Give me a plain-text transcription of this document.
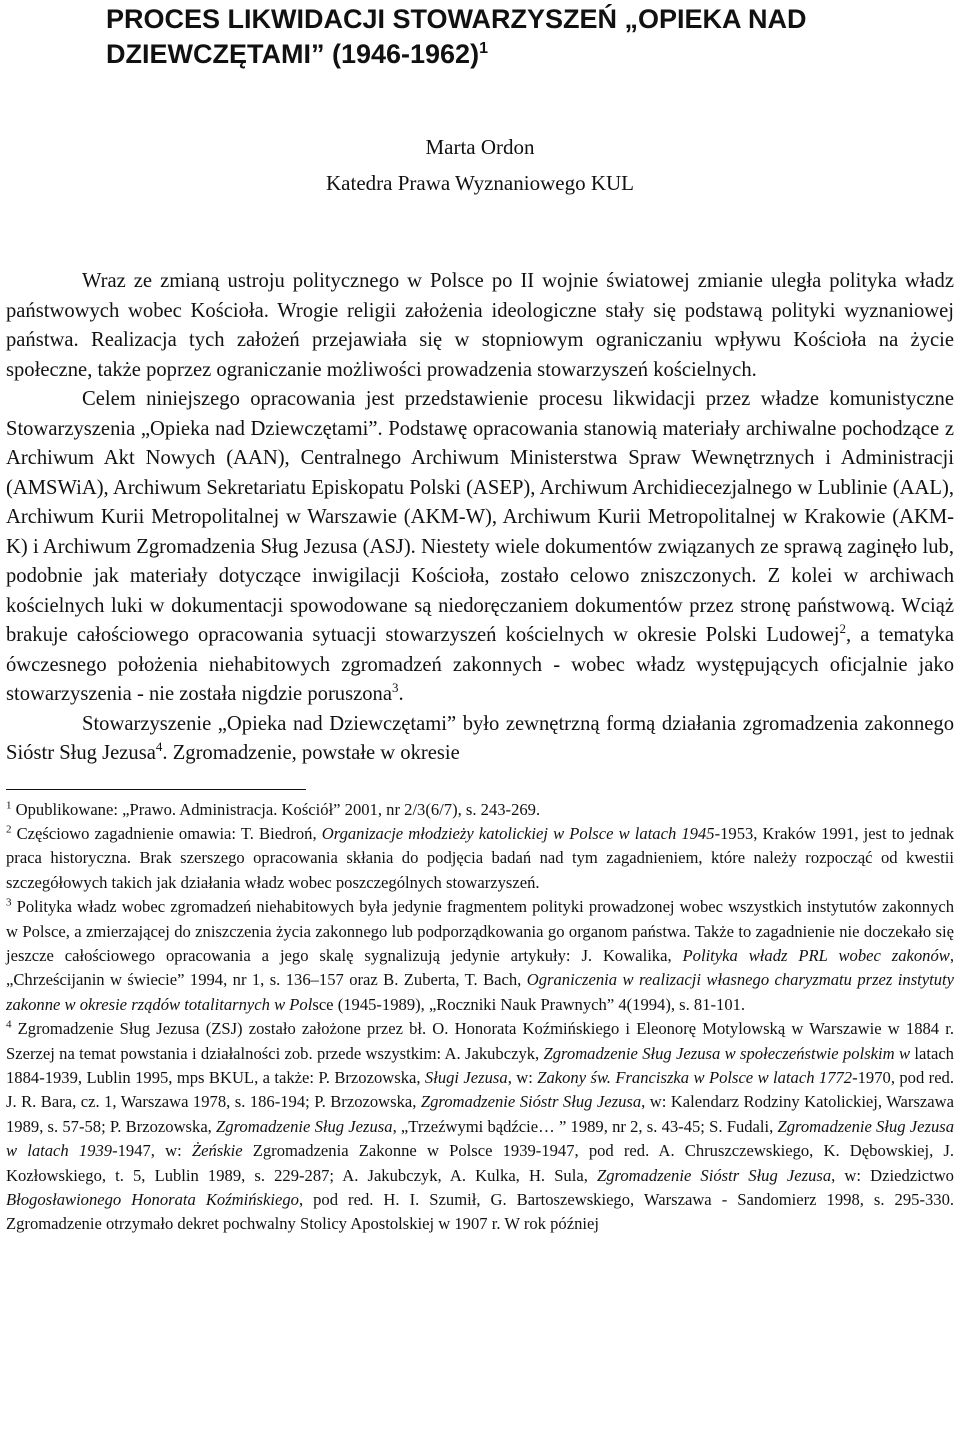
PROCES LIKWIDACJI STOWARZYSZEŃ „OPIEKA NAD DZIEWCZĘTAMI” (1946-1962)$^1$
Marta Ordon
Katedra Prawa Wyznaniowego KUL

Wraz ze zmianą ustroju politycznego w Polsce po II wojnie światowej zmianie uległa polityka władz państwowych wobec Kościoła. Wrogie religii założenia ideologiczne stały się podstawą polityki wyznaniowej państwa. Realizacja tych założeń przejawiała się w stopniowym ograniczaniu wpływu Kościoła na życie społeczne, także poprzez ograniczanie możliwości prowadzenia stowarzyszeń kościelnych.

Celem niniejszego opracowania jest przedstawienie procesu likwidacji przez władze komunistyczne Stowarzyszenia „Opieka nad Dziewczętami”. Podstawę opracowania stanowią materiały archiwalne pochodzące z Archiwum Akt Nowych (AAN), Centralnego Archiwum Ministerstwa Spraw Wewnętrznych i Administracji (AMSWiA), Archiwum Sekretariatu Episkopatu Polski (ASEP), Archiwum Archidiecezjalnego w Lublinie (AAL), Archiwum Kurii Metropolitalnej w Warszawie (AKM-W), Archiwum Kurii Metropolitalnej w Krakowie (AKM-K) i Archiwum Zgromadzenia Sług Jezusa (ASJ). Niestety wiele dokumentów związanych ze sprawą zaginęło lub, podobnie jak materiały dotyczące inwigilacji Kościoła, zostało celowo zniszczonych. Z kolei w archiwach kościelnych luki w dokumentacji spowodowane są niedoręczaniem dokumentów przez stronę państwową. Wciąż brakuje całościowego opracowania sytuacji stowarzyszeń kościelnych w okresie Polski Ludowej$^2$, a tematyka ówczesnego położenia niehabitowych zgromadzeń zakonnych - wobec władz występujących oficjalnie jako stowarzyszenia - nie została nigdzie poruszona$^3$.

Stowarzyszenie „Opieka nad Dziewczętami” było zewnętrzną formą działania zgromadzenia zakonnego Sióstr Sług Jezusa$^4$. Zgromadzenie, powstałe w okresie

$^1$ Opublikowane: „Prawo. Administracja. Kościół” 2001, nr 2/3(6/7), s. 243-269.

$^2$ Częściowo zagadnienie omawia: T. Biedroń, Organizacje młodzieży katolickiej w Polsce w latach 1945-1953, Kraków 1991, jest to jednak praca historyczna. Brak szerszego opracowania skłania do podjęcia badań nad tym zagadnieniem, które należy rozpocząć od kwestii szczegółowych takich jak działania władz wobec poszczególnych stowarzyszeń.

$^3$ Polityka władz wobec zgromadzeń niehabitowych była jedynie fragmentem polityki prowadzonej wobec wszystkich instytutów zakonnych w Polsce, a zmierzającej do zniszczenia życia zakonnego lub podporządkowania go organom państwa. Także to zagadnienie nie doczekało się jeszcze całościowego opracowania a jego skalę sygnalizują jedynie artykuły: J. Kowalika, Polityka władz PRL wobec zakonów, „Chrześcijanin w świecie” 1994, nr 1, s. 136–157 oraz B. Zuberta, T. Bach, Ograniczenia w realizacji własnego charyzmatu przez instytuty zakonne w okresie rządów totalitarnych w Polsce (1945-1989), „Roczniki Nauk Prawnych” 4(1994), s. 81-101.

$^4$ Zgromadzenie Sług Jezusa (ZSJ) zostało założone przez bł. O. Honorata Koźmińskiego i Eleonorę Motylowską w Warszawie w 1884 r. Szerzej na temat powstania i działalności zob. przede wszystkim: A. Jakubczyk, Zgromadzenie Sług Jezusa w społeczeństwie polskim w latach 1884-1939, Lublin 1995, mps BKUL, a także: P. Brzozowska, Sługi Jezusa, w: Zakony św. Franciszka w Polsce w latach 1772-1970, pod red. J. R. Bara, cz. 1, Warszawa 1978, s. 186-194; P. Brzozowska, Zgromadzenie Sióstr Sług Jezusa, w: Kalendarz Rodziny Katolickiej, Warszawa 1989, s. 57-58; P. Brzozowska, Zgromadzenie Sług Jezusa, „Trzeźwymi bądźcie… ” 1989, nr 2, s. 43-45; S. Fudali, Zgromadzenie Sług Jezusa w latach 1939-1947, w: Żeńskie Zgromadzenia Zakonne w Polsce 1939-1947, pod red. A. Chruszczewskiego, K. Dębowskiej, J. Kozłowskiego, t. 5, Lublin 1989, s. 229-287; A. Jakubczyk, A. Kulka, H. Sula, Zgromadzenie Sióstr Sług Jezusa, w: Dziedzictwo Błogosławionego Honorata Koźmińskiego, pod red. H. I. Szumił, G. Bartoszewskiego, Warszawa - Sandomierz 1998, s. 295-330. Zgromadzenie otrzymało dekret pochwalny Stolicy Apostolskiej w 1907 r. W rok później
